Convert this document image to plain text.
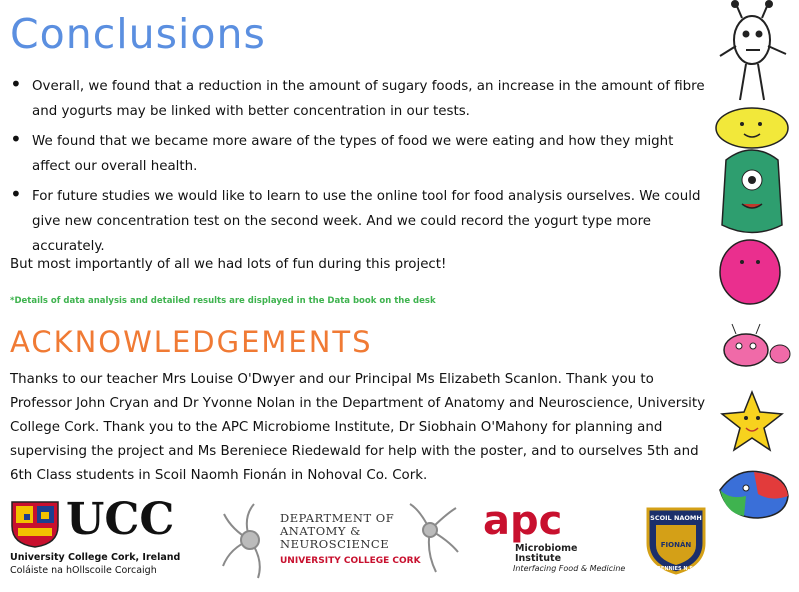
Conclusions
• Overall, we found that a reduction in the amount of sugary foods, an increase in the amount of fibre and yogurts may be linked with better concentration in our tests.
• We found that we became more aware of the types of food we were eating and how they might affect our overall health.
• For future studies we would like to learn to use the online tool for food analysis ourselves. We could give new concentration test on the second week. And we could record the yogurt type more accurately.
But most importantly of all we had lots of fun during this project!
*Details of data analysis and detailed results are displayed in the Data book on the desk
ACKNOWLEDGEMENTS
Thanks to our teacher Mrs Louise O'Dwyer and our Principal Ms Elizabeth Scanlon. Thank you to Professor John Cryan and Dr Yvonne Nolan in the Department of Anatomy and Neuroscience, University College Cork. Thank you to the APC Microbiome Institute, Dr Siobhain O'Mahony for planning and supervising the project and Ms Bereniece Riedewald for help with the poster, and to ourselves 5th and 6th Class students in Scoil Naomh Fionán in Nohoval Co. Cork.
UCC
University College Cork, Ireland
Coláiste na hOllscoile Corcaigh
DEPARTMENT OF
ANATOMY &
NEUROSCIENCE
UNIVERSITY COLLEGE CORK
apc
Microbiome
Institute
Interfacing Food & Medicine
SCOIL NAOMH
FIONÁN
RENNIES N.S.
